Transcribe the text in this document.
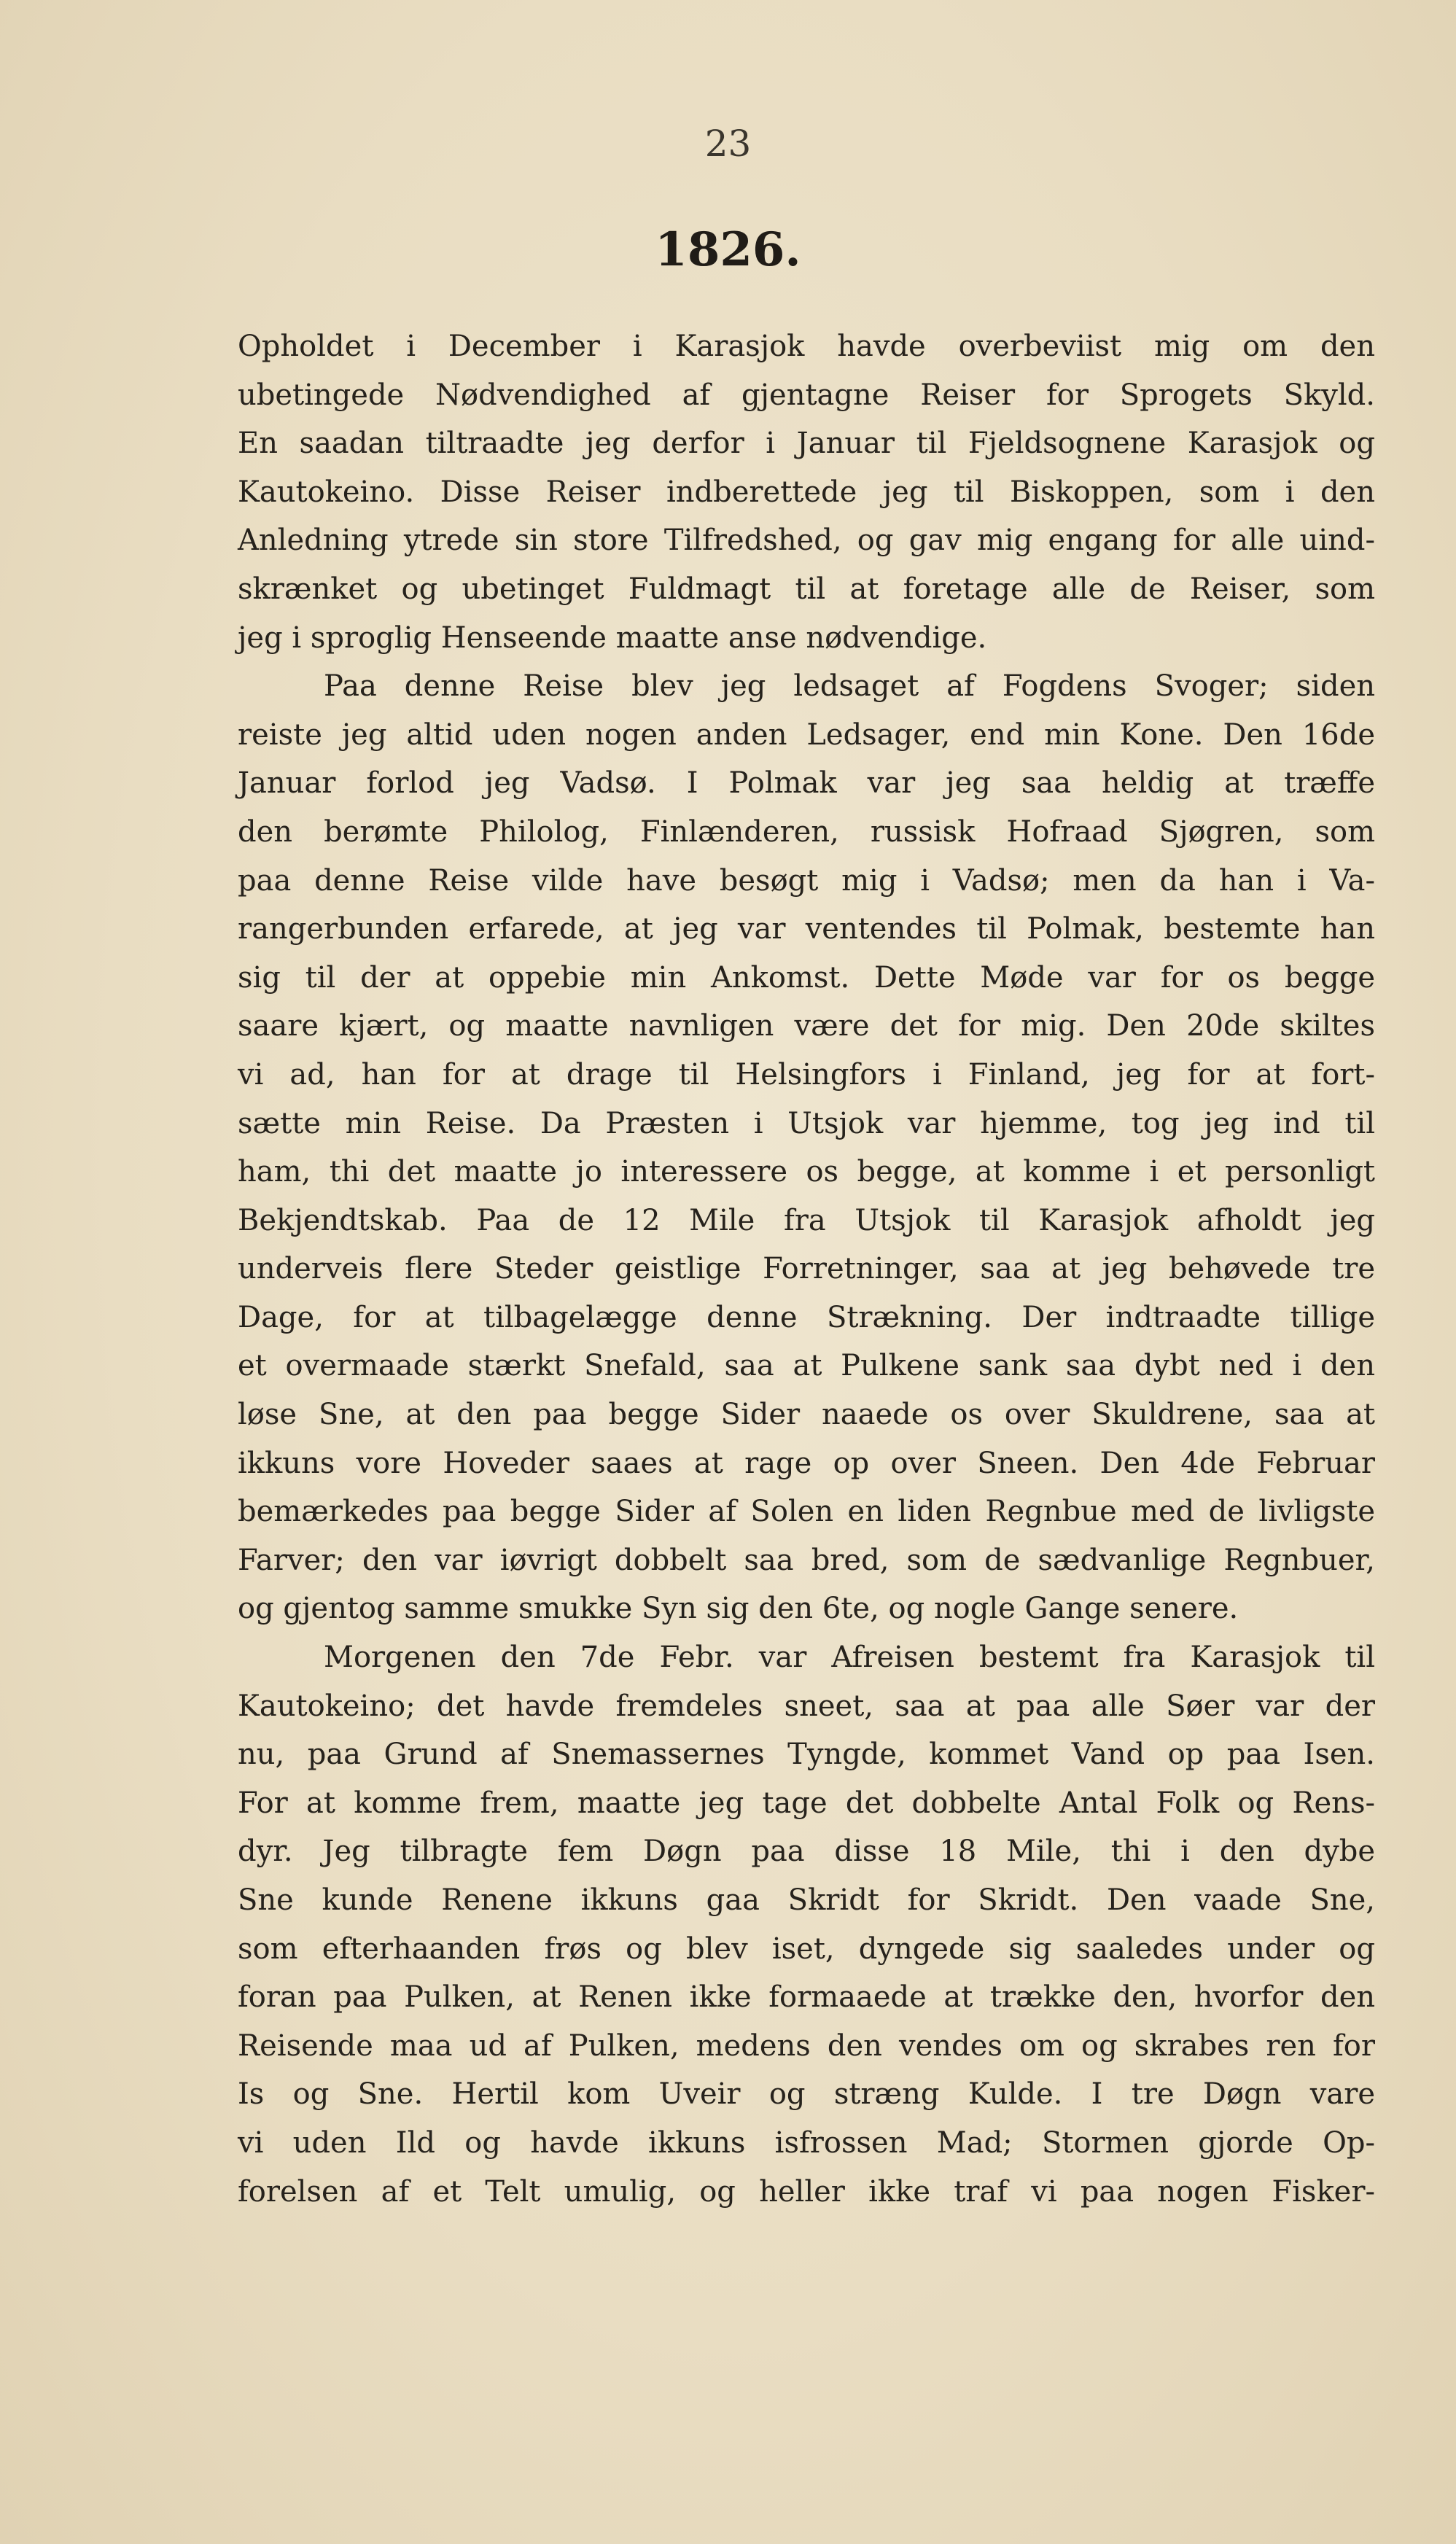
23
1826.
Opholdet i December i Karasjok havde overbeviist mig om den
ubetingede Nødvendighed af gjentagne Reiser for Sprogets Skyld.
En saadan tiltraadte jeg derfor i Januar til Fjeldsognene Karasjok og
Kautokeino. Disse Reiser indberettede jeg til Biskoppen, som i den
Anledning ytrede sin store Tilfredshed, og gav mig engang for alle uind-
skrænket og ubetinget Fuldmagt til at foretage alle de Reiser, som
jeg i sproglig Henseende maatte anse nødvendige.
Paa denne Reise blev jeg ledsaget af Fogdens Svoger; siden
reiste jeg altid uden nogen anden Ledsager, end min Kone. Den 16de
Januar forlod jeg Vadsø. I Polmak var jeg saa heldig at træffe
den berømte Philolog, Finlænderen, russisk Hofraad Sjøgren, som
paa denne Reise vilde have besøgt mig i Vadsø; men da han i Va-
rangerbunden erfarede, at jeg var ventendes til Polmak, bestemte han
sig til der at oppebie min Ankomst. Dette Møde var for os begge
saare kjært, og maatte navnligen være det for mig. Den 20de skiltes
vi ad, han for at drage til Helsingfors i Finland, jeg for at fort-
sætte min Reise. Da Præsten i Utsjok var hjemme, tog jeg ind til
ham, thi det maatte jo interessere os begge, at komme i et personligt
Bekjendtskab. Paa de 12 Mile fra Utsjok til Karasjok afholdt jeg
underveis flere Steder geistlige Forretninger, saa at jeg behøvede tre
Dage, for at tilbagelægge denne Strækning. Der indtraadte tillige
et overmaade stærkt Snefald, saa at Pulkene sank saa dybt ned i den
løse Sne, at den paa begge Sider naaede os over Skuldrene, saa at
ikkuns vore Hoveder saaes at rage op over Sneen. Den 4de Februar
bemærkedes paa begge Sider af Solen en liden Regnbue med de livligste
Farver; den var iøvrigt dobbelt saa bred, som de sædvanlige Regnbuer,
og gjentog samme smukke Syn sig den 6te, og nogle Gange senere.
Morgenen den 7de Febr. var Afreisen bestemt fra Karasjok til
Kautokeino; det havde fremdeles sneet, saa at paa alle Søer var der
nu, paa Grund af Snemassernes Tyngde, kommet Vand op paa Isen.
For at komme frem, maatte jeg tage det dobbelte Antal Folk og Rens-
dyr. Jeg tilbragte fem Døgn paa disse 18 Mile, thi i den dybe
Sne kunde Renene ikkuns gaa Skridt for Skridt. Den vaade Sne,
som efterhaanden frøs og blev iset, dyngede sig saaledes under og
foran paa Pulken, at Renen ikke formaaede at trække den, hvorfor den
Reisende maa ud af Pulken, medens den vendes om og skrabes ren for
Is og Sne. Hertil kom Uveir og stræng Kulde. I tre Døgn vare
vi uden Ild og havde ikkuns isfrossen Mad; Stormen gjorde Op-
forelsen af et Telt umulig, og heller ikke traf vi paa nogen Fisker-
